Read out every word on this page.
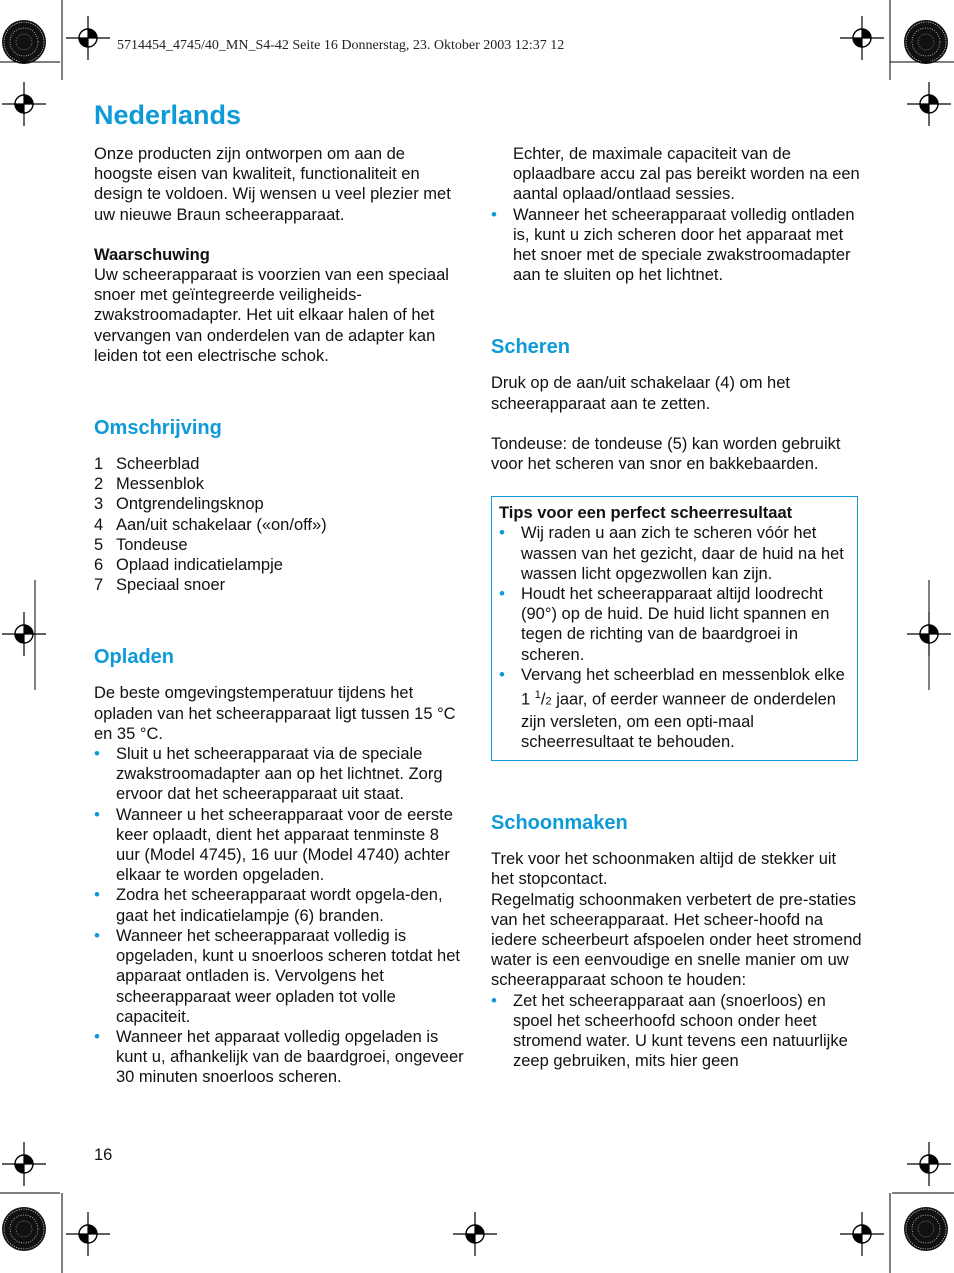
5714454_4745/40_MN_S4-42 Seite 16 Donnerstag, 23. Oktober 2003 12:37 12
Nederlands

Onze producten zijn ontworpen om aan de hoogste eisen van kwaliteit, functionaliteit en design te voldoen. Wij wensen u veel plezier met uw nieuwe Braun scheerapparaat.

Waarschuwing

Uw scheerapparaat is voorzien van een speciaal snoer met geïntegreerde veiligheids-zwakstroomadapter. Het uit elkaar halen of het vervangen van onderdelen van de adapter kan leiden tot een electrische schok.

Omschrijving
1 Scheerblad
2 Messenblok
3 Ontgrendelingsknop
4 Aan/uit schakelaar («on/off»)
5 Tondeuse
6 Oplaad indicatielampje
7 Speciaal snoer
Opladen

De beste omgevingstemperatuur tijdens het opladen van het scheerapparaat ligt tussen 15 °C en 35 °C.

• Sluit u het scheerapparaat via de speciale zwakstroomadapter aan op het lichtnet. Zorg ervoor dat het scheerapparaat uit staat.
• Wanneer u het scheerapparaat voor de eerste keer oplaadt, dient het apparaat tenminste 8 uur (Model 4745), 16 uur (Model 4740) achter elkaar te worden opgeladen.
• Zodra het scheerapparaat wordt opgela-den, gaat het indicatielampje (6) branden.
• Wanneer het scheerapparaat volledig is opgeladen, kunt u snoerloos scheren totdat het apparaat ontladen is. Vervolgens het scheerapparaat weer opladen tot volle capaciteit.
• Wanneer het apparaat volledig opgeladen is kunt u, afhankelijk van de baardgroei, ongeveer 30 minuten snoerloos scheren.

Echter, de maximale capaciteit van de oplaadbare accu zal pas bereikt worden na een aantal oplaad/ontlaad sessies.

• Wanneer het scheerapparaat volledig ontladen is, kunt u zich scheren door het apparaat met het snoer met de speciale zwakstroomadapter aan te sluiten op het lichtnet.
Scheren

Druk op de aan/uit schakelaar (4) om het scheerapparaat aan te zetten.

Tondeuse: de tondeuse (5) kan worden gebruikt voor het scheren van snor en bakkebaarden.

Tips voor een perfect scheerresultaat

• Wij raden u aan zich te scheren vóór het wassen van het gezicht, daar de huid na het wassen licht opgezwollen kan zijn.
• Houdt het scheerapparaat altijd loodrecht (90°) op de huid. De huid licht spannen en tegen de richting van de baardgroei in scheren.
• Vervang het scheerblad en messenblok elke 1 $^1$/2 jaar, of eerder wanneer de onderdelen zijn versleten, om een opti-maal scheerresultaat te behouden.
Schoonmaken

Trek voor het schoonmaken altijd de stekker uit het stopcontact.

Regelmatig schoonmaken verbetert de pre-staties van het scheerapparaat. Het scheer-hoofd na iedere scheerbeurt afspoelen onder heet stromend water is een eenvoudige en snelle manier om uw scheerapparaat schoon te houden:

• Zet het scheerapparaat aan (snoerloos) en spoel het scheerhoofd schoon onder heet stromend water. U kunt tevens een natuurlijke zeep gebruiken, mits hier geen
16
